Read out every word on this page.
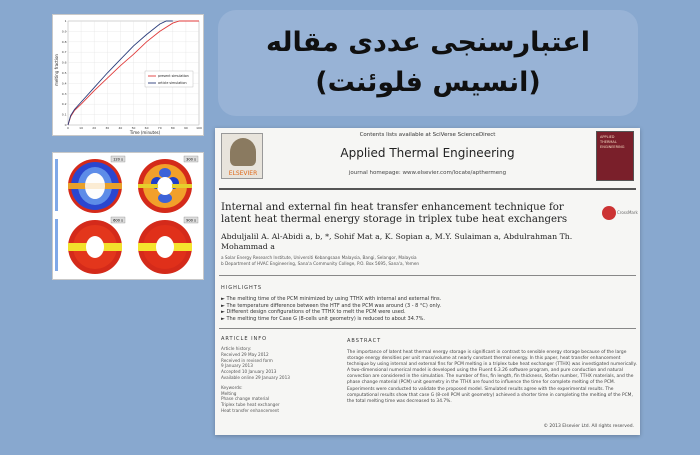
اعتبارسنجی عددی مقاله
(انسیس فلوئنت)
0	10	20	30	40	50	60	70	80	90	100
0
0.1
0.2
0.3
0.4
0.5
0.6
0.7
0.8
0.9
1
present simulation
article simulation
Time (minutes)
melting fraction
120 s	300 s
600 s	900 s
ELSEVIER
Contents lists available at SciVerse ScienceDirect
Applied Thermal Engineering
journal homepage: www.elsevier.com/locate/apthermeng
APPLIED THERMAL ENGINEERING
Internal and external fin heat transfer enhancement technique for latent heat thermal energy storage in triplex tube heat exchangers
CrossMark
Abduljalil A. Al-Abidi a, b, *, Sohif Mat a, K. Sopian a, M.Y. Sulaiman a, Abdulrahman Th. Mohammad a
a Solar Energy Research Institute, Universiti Kebangsaan Malaysia, Bangi, Selangor, Malaysia
b Department of HVAC Engineering, Sana'a Community College, P.O. Box 5695, Sana'a, Yemen
HIGHLIGHTS
► The melting time of the PCM minimized by using TTHX with internal and external fins.
► The temperature difference between the HTF and the PCM was around (3 - 8 °C) only.
► Different design configurations of the TTHX to melt the PCM were used.
► The melting time for Case G (8-cells unit geometry) is reduced to about 34.7%.
ARTICLE INFO
Article history:
Received 29 May 2012
Received in revised form
9 January 2013
Accepted 10 January 2013
Available online 29 January 2013
Keywords:
Melting
Phase change material
Triplex tube heat exchanger
Heat transfer enhancement
ABSTRACT
The importance of latent heat thermal energy storage is significant in contrast to sensible energy storage because of the large storage energy densities per unit mass/volume at nearly constant thermal energy. In this paper, heat transfer enhancement technique by using internal and external fins for PCM melting in a triplex tube heat exchanger (TTHX) was investigated numerically. A two-dimensional numerical model is developed using the Fluent 6.3.26 software program, and pure conduction and natural convection are considered in the simulation. The number of fins, fin length, fin thickness, Stefan number, TTHX materials, and the phase change material (PCM) unit geometry in the TTHX are found to influence the time for complete melting of the PCM. Experiments were conducted to validate the proposed model. Simulated results agree with the experimental results. The computational results show that case G (8-cell PCM unit geometry) achieved a shorter time in completing the melting of the PCM, the total melting time was decreased to 34.7%.
© 2013 Elsevier Ltd. All rights reserved.
